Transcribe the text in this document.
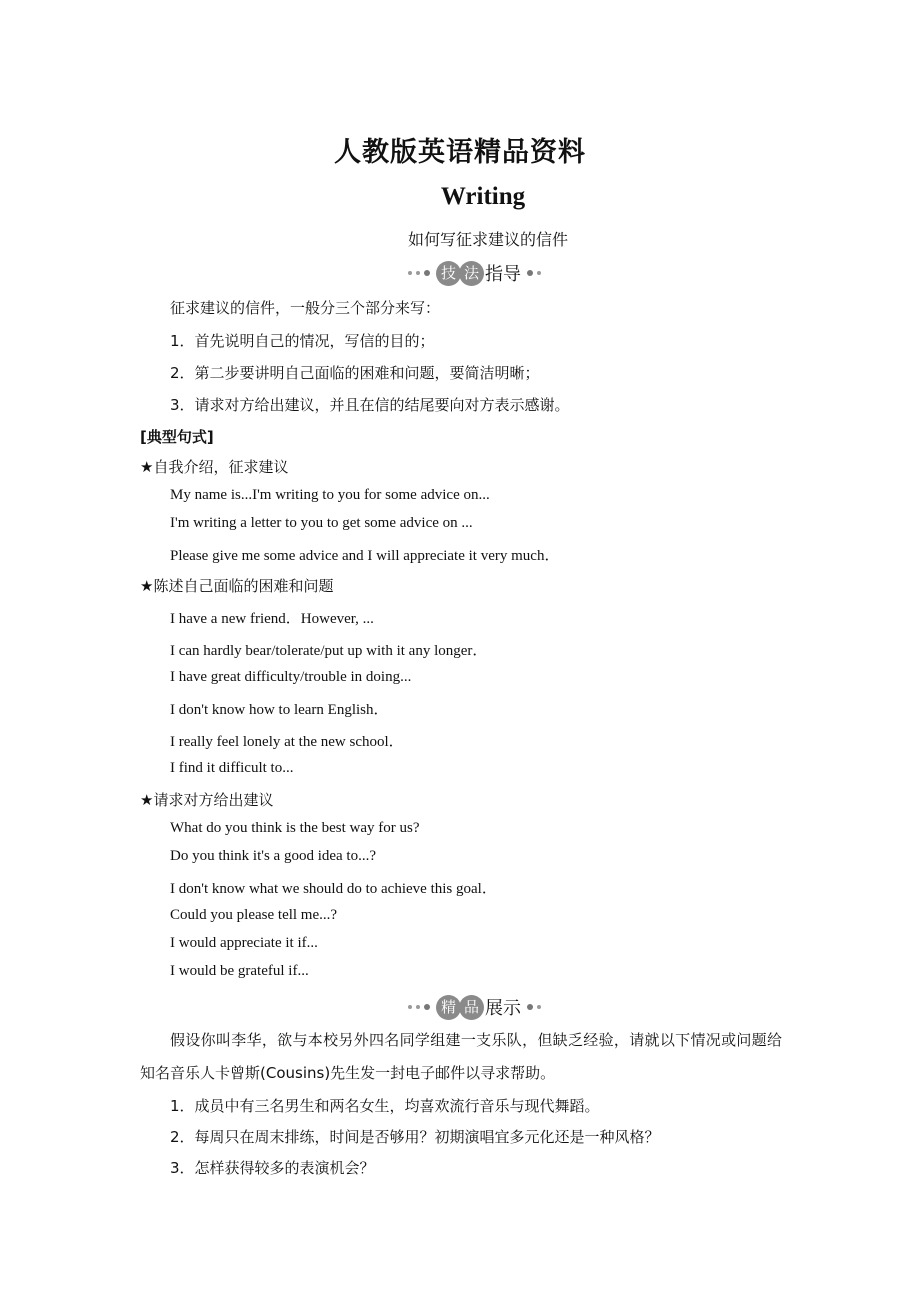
人教版英语精品资料
Writing
如何写征求建议的信件
技 法 指导
征求建议的信件，一般分三个部分来写：
1．首先说明自己的情况，写信的目的；
2．第二步要讲明自己面临的困难和问题，要简洁明晰；
3．请求对方给出建议，并且在信的结尾要向对方表示感谢。
[典型句式]
★自我介绍，征求建议
My name is...I'm writing to you for some advice on...
I'm writing a letter to you to get some advice on ...
Please give me some advice and I will appreciate it very much．
★陈述自己面临的困难和问题
I have a new friend．However, ...
I can hardly bear/tolerate/put up with it any longer．
I have great difficulty/trouble in doing...
I don't know how to learn English．
I really feel lonely at the new school．
I find it difficult to...
★请求对方给出建议
What do you think is the best way for us?
Do you think it's a good idea to...?
I don't know what we should do to achieve this goal．
Could you please tell me...?
I would appreciate it if...
I would be grateful if...
精 品 展示
假设你叫李华，欲与本校另外四名同学组建一支乐队，但缺乏经验，请就以下情况或问题给知名音乐人卡曾斯(Cousins)先生发一封电子邮件以寻求帮助。
1．成员中有三名男生和两名女生，均喜欢流行音乐与现代舞蹈。
2．每周只在周末排练，时间是否够用？初期演唱宜多元化还是一种风格？
3．怎样获得较多的表演机会？
